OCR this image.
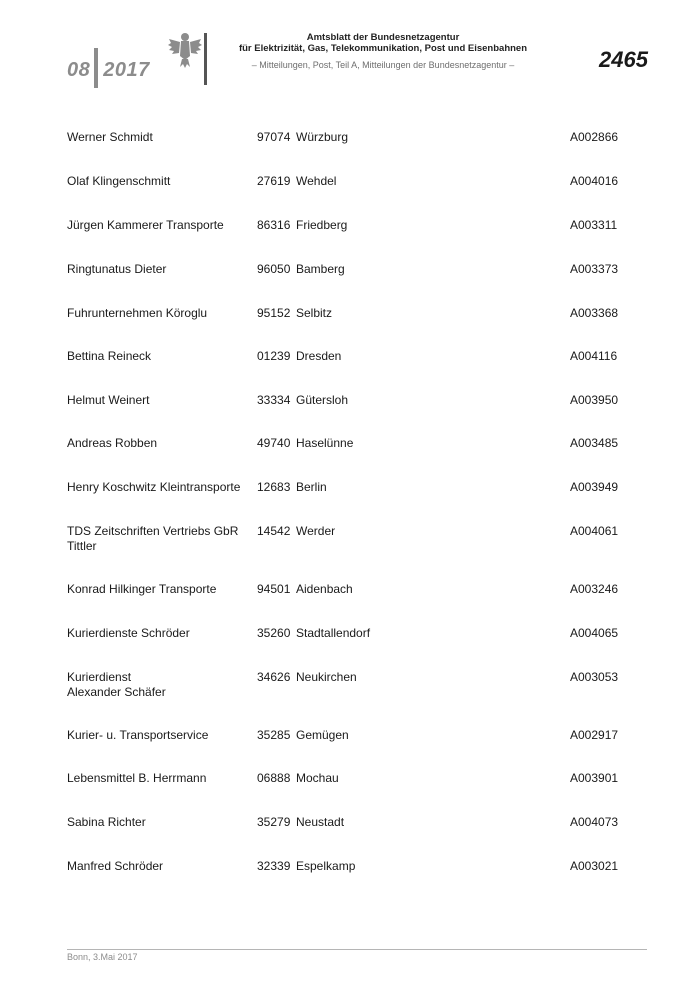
08 2017
Amtsblatt der Bundesnetzagentur
für Elektrizität, Gas, Telekommunikation, Post und Eisenbahnen
– Mitteilungen, Post, Teil A, Mitteilungen der Bundesnetzagentur –	2465
Werner Schmidt	97074 Würzburg	A002866
Olaf Klingenschmitt	27619 Wehdel	A004016
Jürgen Kammerer Transporte	86316 Friedberg	A003311
Ringtunatus Dieter	96050 Bamberg	A003373
Fuhrunternehmen Köroglu	95152 Selbitz	A003368
Bettina Reineck	01239 Dresden	A004116
Helmut Weinert	33334 Gütersloh	A003950
Andreas Robben	49740 Haselünne	A003485
Henry Koschwitz Kleintransporte	12683 Berlin	A003949
TDS Zeitschriften Vertriebs GbR
Tittler
14542 Werder	A004061
Konrad Hilkinger Transporte	94501 Aidenbach	A003246
Kurierdienste Schröder	35260 Stadtallendorf	A004065
Kurierdienst
Alexander Schäfer
34626 Neukirchen	A003053
Kurier- u. Transportservice	35285 Gemügen	A002917
Lebensmittel B. Herrmann	06888 Mochau	A003901
Sabina Richter	35279 Neustadt	A004073
Manfred Schröder	32339 Espelkamp	A003021
Bonn, 3.Mai 2017
